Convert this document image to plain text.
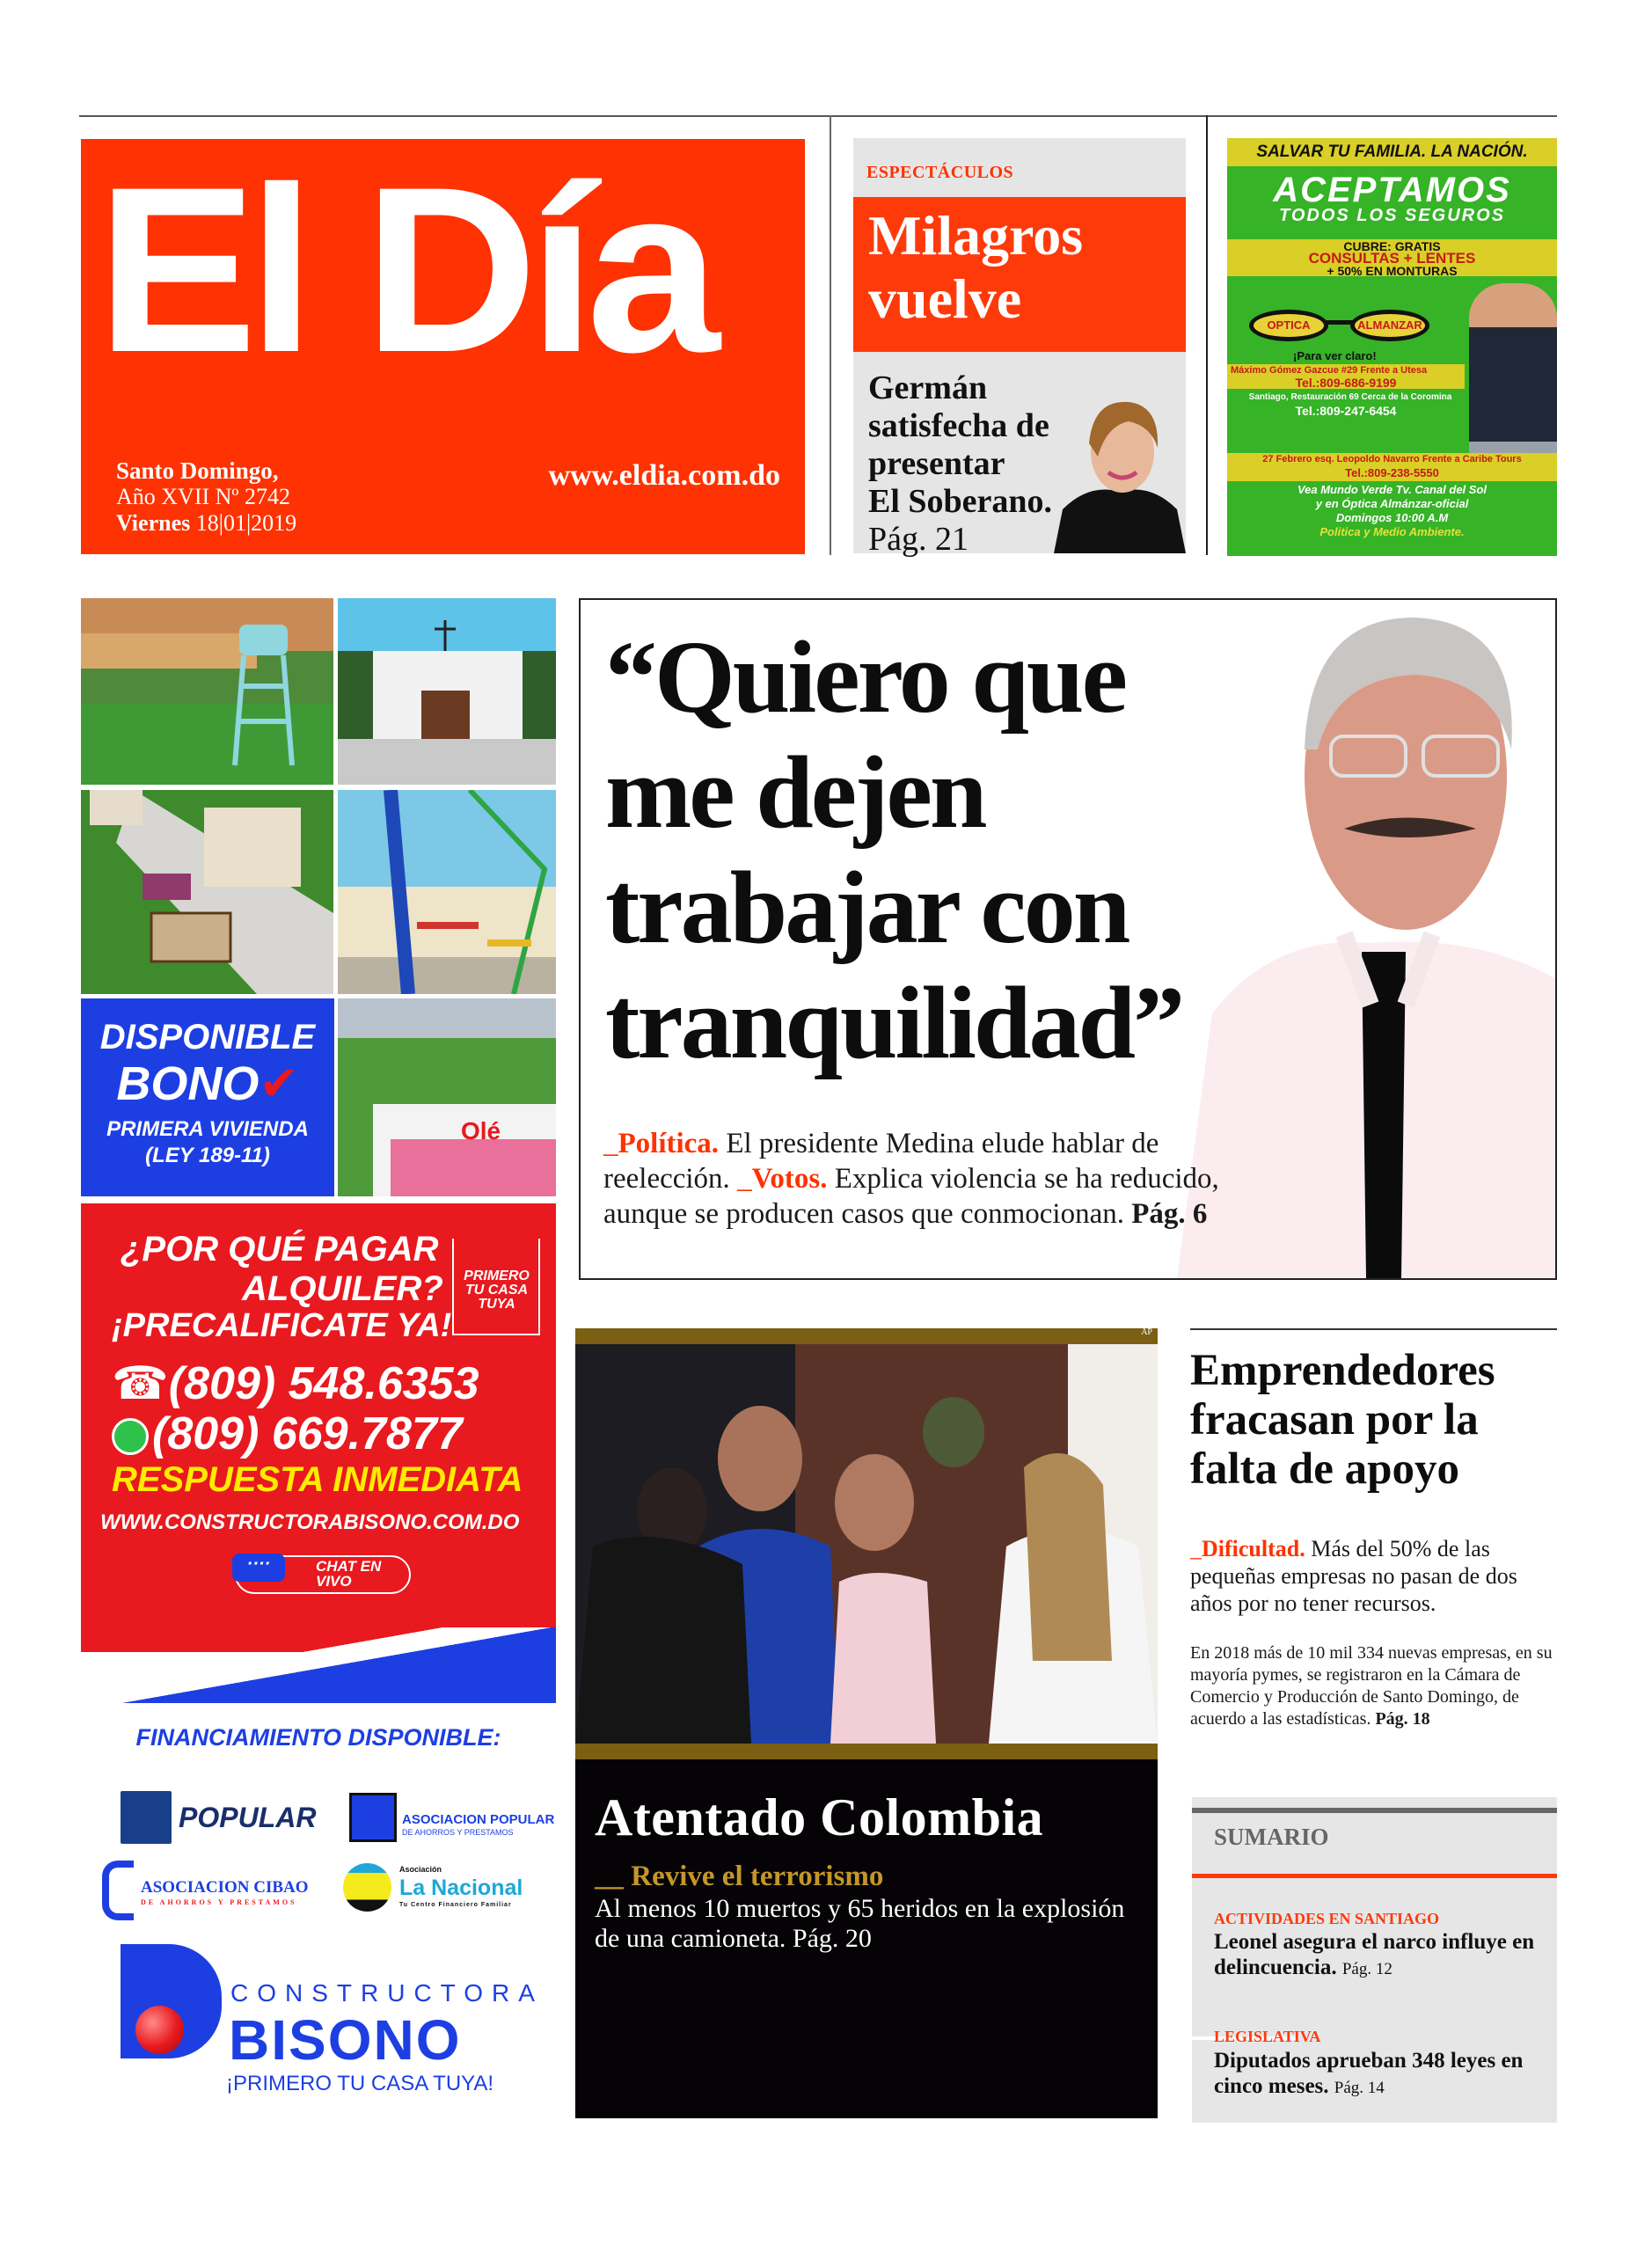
El Día
Santo Domingo,
Año XVII Nº 2742
Viernes 18|01|2019
www.eldia.com.do
ESPECTÁCULOS
Milagros
vuelve
Germán
satisfecha de
presentar
El Soberano.
Pág. 21
SALVAR TU FAMILIA. LA NACIÓN.
ACEPTAMOS
TODOS LOS SEGUROS
CUBRE: GRATIS
CONSULTAS + LENTES
+ 50% EN MONTURAS
OPTICA	ALMANZAR
¡Para ver claro!
Máximo Gómez Gazcue #29 Frente a Utesa
Tel.:809-686-9199
Santiago, Restauración 69 Cerca de la Coromina
Tel.:809-247-6454
27 Febrero esq. Leopoldo Navarro Frente a Caribe Tours
Tel.:809-238-5550
Vea Mundo Verde Tv. Canal del Sol
y en Óptica Almánzar-oficial
Domingos 10:00 A.M
Politica y Medio Ambiente.
DISPONIBLE
BONO✔
PRIMERA VIVIENDA
(LEY 189-11)
Olé
¿POR QUÉ PAGAR
ALQUILER?
¡PRECALIFICATE YA!
PRIMERO TU CASA TUYA
☎(809) 548.6353
(809) 669.7877
RESPUESTA INMEDIATA
WWW.CONSTRUCTORABISONO.COM.DO
····	CHAT EN VIVO
FINANCIAMIENTO DISPONIBLE:
POPULAR	ASOCIACION POPULAR
DE AHORROS Y PRESTAMOS
ASOCIACION CIBAO
DE AHORROS Y PRESTAMOS
Asociación
La Nacional
Tu Centro Financiero Familiar
CONSTRUCTORA
BISONO
¡PRIMERO TU CASA TUYA!
“Quiero que
me dejen
trabajar con
tranquilidad”
_Política. El presidente Medina elude hablar de reelección. _Votos. Explica violencia se ha reducido, aunque se producen casos que conmocionan. Pág. 6
AP
Atentado Colombia
__ Revive el terrorismo
Al menos 10 muertos y 65 heridos en la explosión de una camioneta. Pág. 20
Emprendedores fracasan por la falta de apoyo
_Dificultad. Más del 50% de las pequeñas empresas no pasan de dos años por no tener recursos.
En 2018 más de 10 mil 334 nuevas empresas, en su mayoría pymes, se registraron en la Cámara de Comercio y Producción de Santo Domingo, de acuerdo a las estadísticas. Pág. 18
SUMARIO
ACTIVIDADES EN SANTIAGO
Leonel asegura el narco influye en delincuencia. Pág. 12
LEGISLATIVA
Diputados aprueban 348 leyes en cinco meses. Pág. 14
